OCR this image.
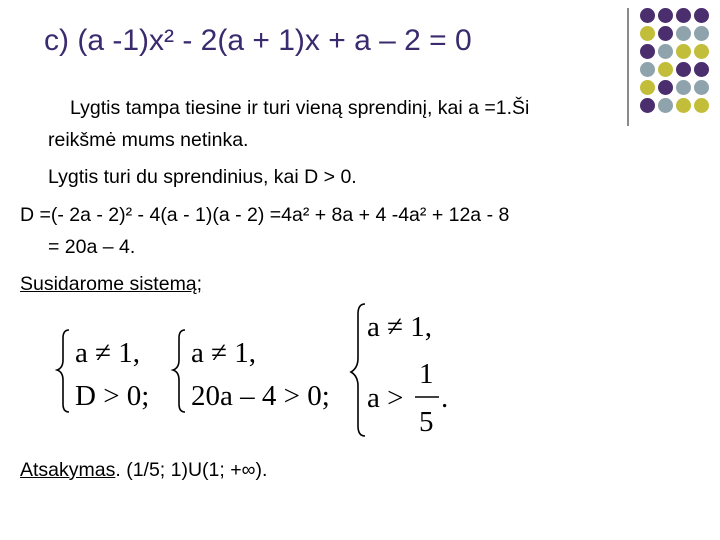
c) (a -1)x² - 2(a + 1)x + a – 2 = 0
Lygtis tampa tiesine ir turi vieną sprendinį, kai a =1.Ši
reikšmė mums netinka.
Lygtis turi du sprendinius, kai D > 0.
D =(- 2a - 2)² - 4(a - 1)(a - 2) =4a² + 8a + 4 -4a² + 12a - 8
= 20a – 4.
Susidarome sistemą;
a ≠ 1,
D > 0;
a ≠ 1,
20a – 4 > 0;
a ≠ 1,
a >
1
5
.
Atsakymas. (1/5; 1)U(1; +∞).
